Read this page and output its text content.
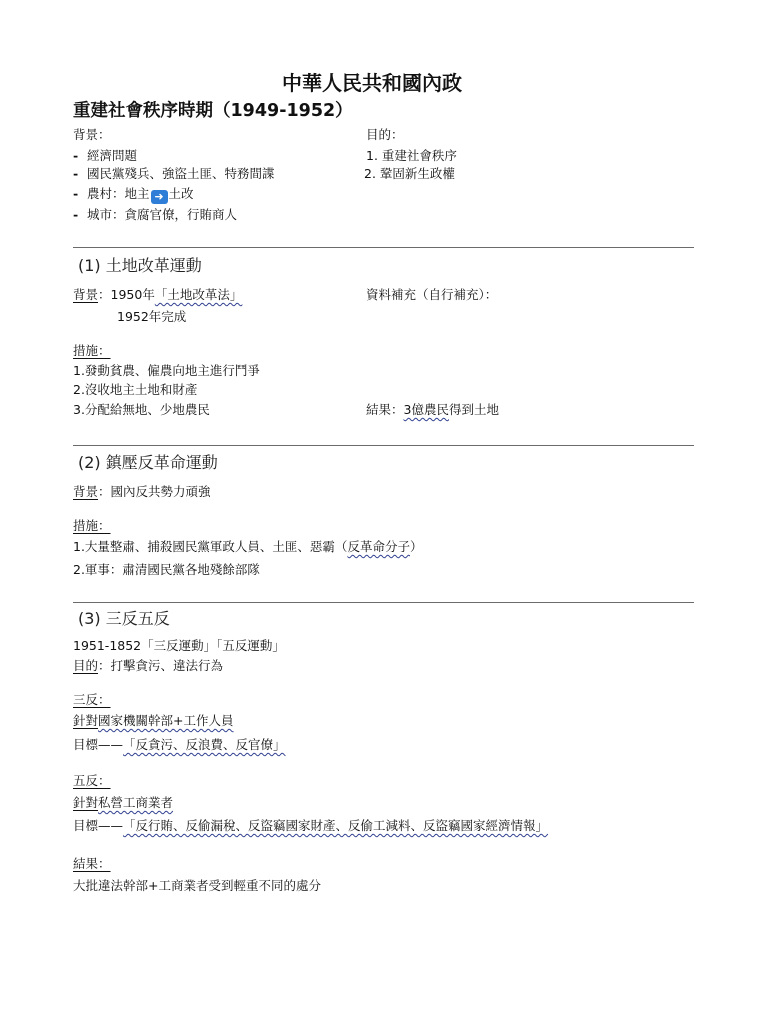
中華人民共和國內政
重建社會秩序時期（1949-1952）
背景：
- 經濟問題
- 國民黨殘兵、強盜土匪、特務間諜
- 農村：地主 ➜ 土改
- 城市：貪腐官僚，行賄商人
目的：
1. 重建社會秩序
2. 鞏固新生政權
(1) 土地改革運動
背景：1950年「土地改革法」
1952年完成
資料補充（自行補充）：
措施：
1.發動貧農、僱農向地主進行鬥爭
2.沒收地主土地和財產
3.分配給無地、少地農民	結果：3億農民得到土地
(2) 鎮壓反革命運動
背景：國內反共勢力頑強
措施：
1.大量整肅、捕殺國民黨軍政人員、土匪、惡霸（反革命分子）
2.軍事：肅清國民黨各地殘餘部隊
(3) 三反五反
1951-1852「三反運動」「五反運動」
目的：打擊貪污、違法行為
三反：
針對國家機關幹部+工作人員
目標——「反貪污、反浪費、反官僚」
五反：
針對私營工商業者
目標——「反行賄、反偷漏稅、反盜竊國家財產、反偷工減料、反盜竊國家經濟情報」
結果：
大批違法幹部+工商業者受到輕重不同的處分
